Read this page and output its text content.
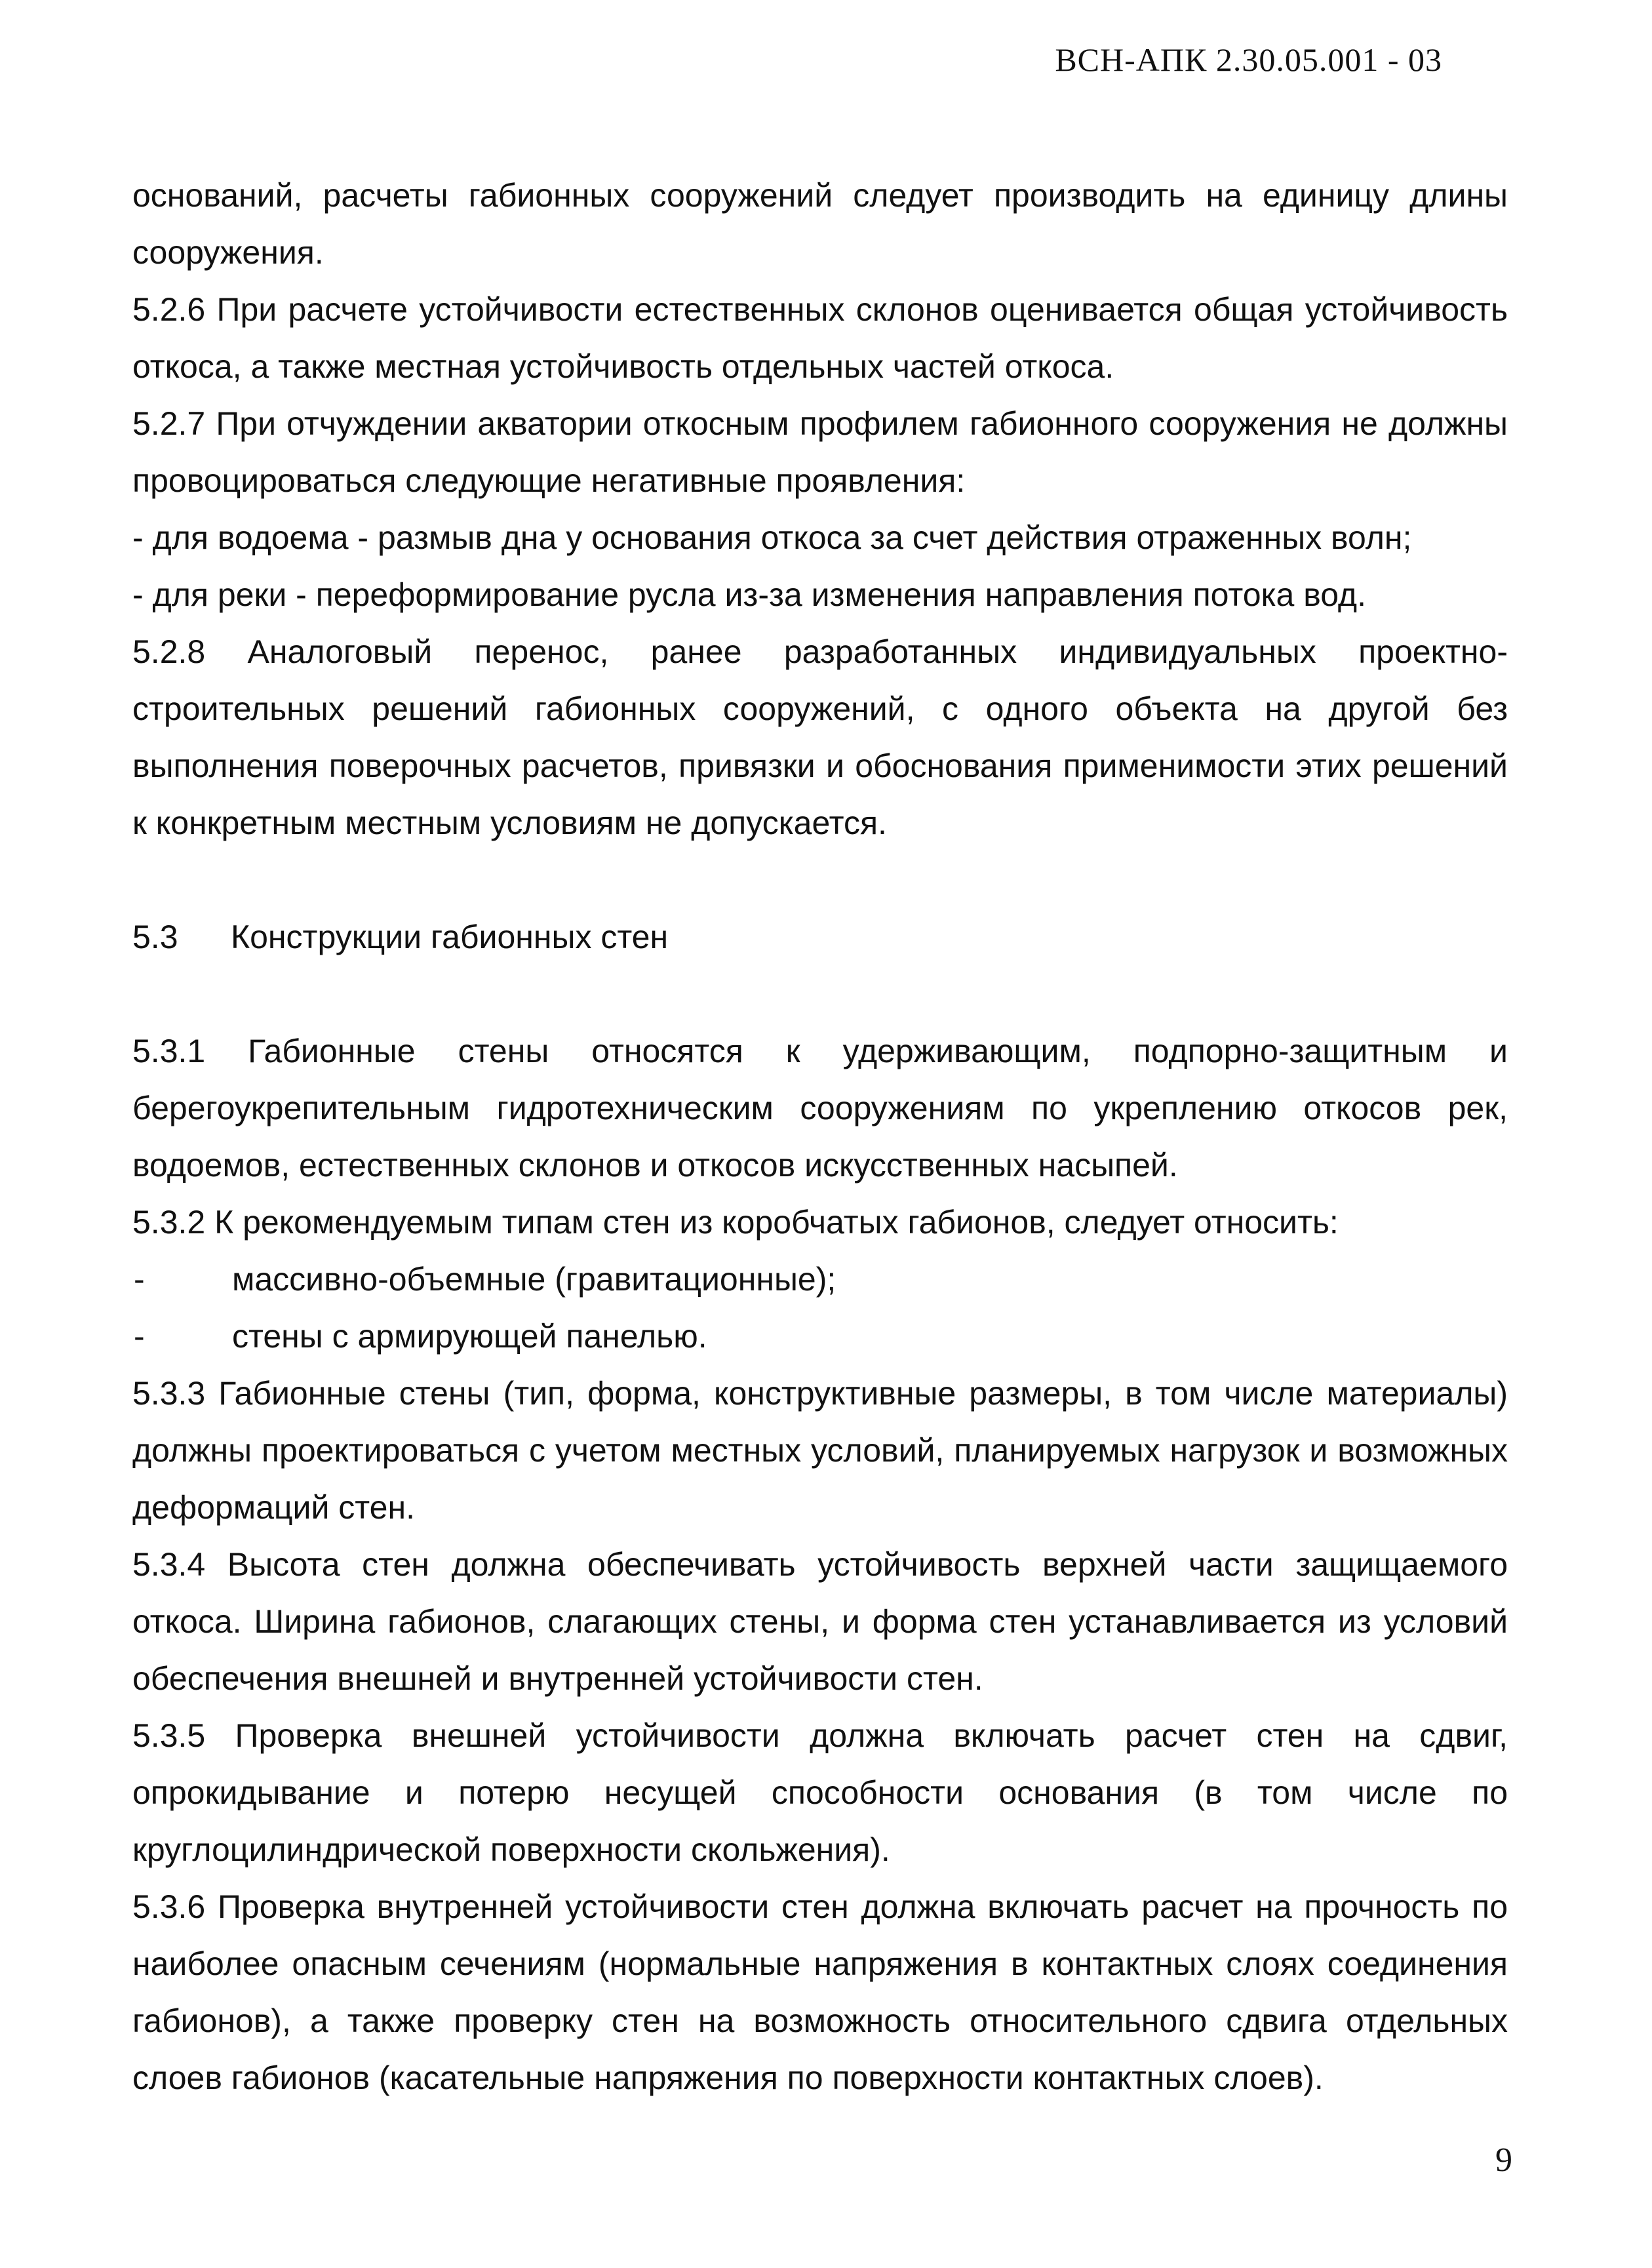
ВСН-АПК 2.30.05.001 - 03

оснований, расчеты габионных сооружений следует производить на единицу длины сооружения.

5.2.6 При расчете устойчивости естественных склонов оценивается общая устойчивость откоса, а также местная устойчивость отдельных частей откоса.

5.2.7 При отчуждении акватории откосным профилем габионного сооружения не должны провоцироваться следующие негативные проявления:

- для водоема - размыв дна у основания откоса за счет действия отраженных волн;

- для реки - переформирование русла из-за изменения направления потока вод.

5.2.8 Аналоговый перенос, ранее разработанных индивидуальных проектно-строительных решений габионных сооружений, с одного объекта на другой без выполнения поверочных расчетов, привязки и обоснования применимости этих решений к конкретным местным условиям не допускается.

5.3	Конструкции габионных стен

5.3.1 Габионные стены относятся к удерживающим, подпорно-защитным и берегоукрепительным гидротехническим сооружениям по укреплению откосов рек, водоемов, естественных склонов и откосов искусственных насыпей.

5.3.2 К рекомендуемым типам стен из коробчатых габионов, следует относить:

-	массивно-объемные (гравитационные);
-	стены с армирующей панелью.

5.3.3 Габионные стены (тип, форма, конструктивные размеры, в том числе материалы) должны проектироваться с учетом местных условий, планируемых нагрузок и возможных деформаций стен.

5.3.4 Высота стен должна обеспечивать устойчивость верхней части защищаемого откоса. Ширина габионов, слагающих стены, и форма стен устанавливается из условий обеспечения внешней и внутренней устойчивости стен.

5.3.5 Проверка внешней устойчивости должна включать расчет стен на сдвиг, опрокидывание и потерю несущей способности основания (в том числе по круглоцилиндрической поверхности скольжения).

5.3.6 Проверка внутренней устойчивости стен должна включать расчет на прочность по наиболее опасным сечениям (нормальные напряжения в контактных слоях соединения габионов), а также проверку стен на возможность относительного сдвига отдельных слоев габионов (касательные напряжения по поверхности контактных слоев).

9
